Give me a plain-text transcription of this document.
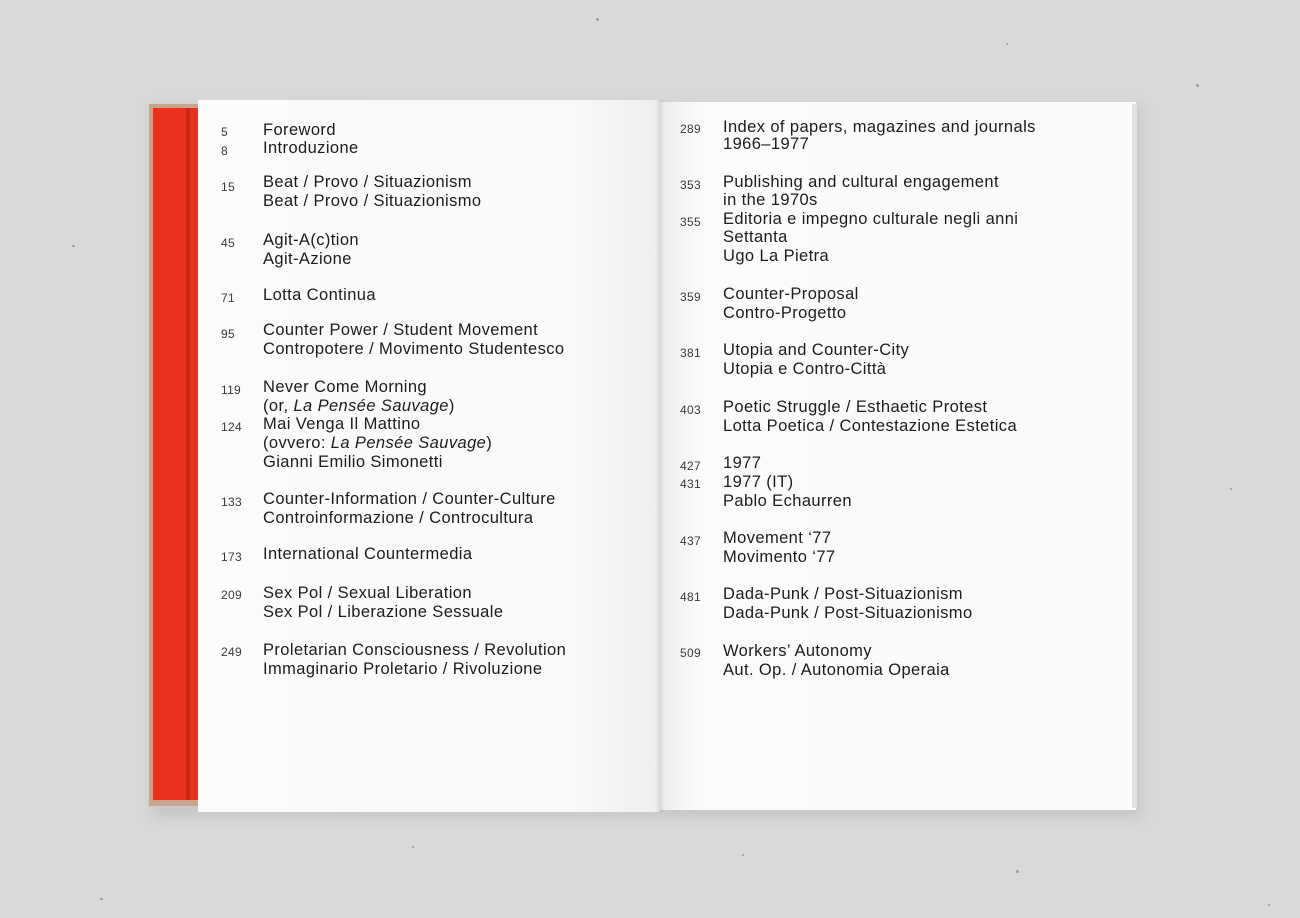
5 Foreword
8 Introduzione
15 Beat / Provo / Situazionism
Beat / Provo / Situazionismo
45 Agit-A(c)tion
Agit-Azione
71 Lotta Continua
95 Counter Power / Student Movement
Contropotere / Movimento Studentesco
119 Never Come Morning
(or, La Pensée Sauvage)
124 Mai Venga Il Mattino
(ovvero: La Pensée Sauvage)
Gianni Emilio Simonetti
133 Counter-Information / Counter-Culture
Controinformazione / Controcultura
173 International Countermedia
209 Sex Pol / Sexual Liberation
Sex Pol / Liberazione Sessuale
249 Proletarian Consciousness / Revolution
Immaginario Proletario / Rivoluzione
289 Index of papers, magazines and journals
1966–1977
353 Publishing and cultural engagement
in the 1970s
355 Editoria e impegno culturale negli anni
Settanta
Ugo La Pietra
359 Counter-Proposal
Contro-Progetto
381 Utopia and Counter-City
Utopia e Contro-Città
403 Poetic Struggle / Esthaetic Protest
Lotta Poetica / Contestazione Estetica
427 1977
431 1977 (IT)
Pablo Echaurren
437 Movement ‘77
Movimento ‘77
481 Dada-Punk / Post-Situazionism
Dada-Punk / Post-Situazionismo
509 Workers’ Autonomy
Aut. Op. / Autonomia Operaia
